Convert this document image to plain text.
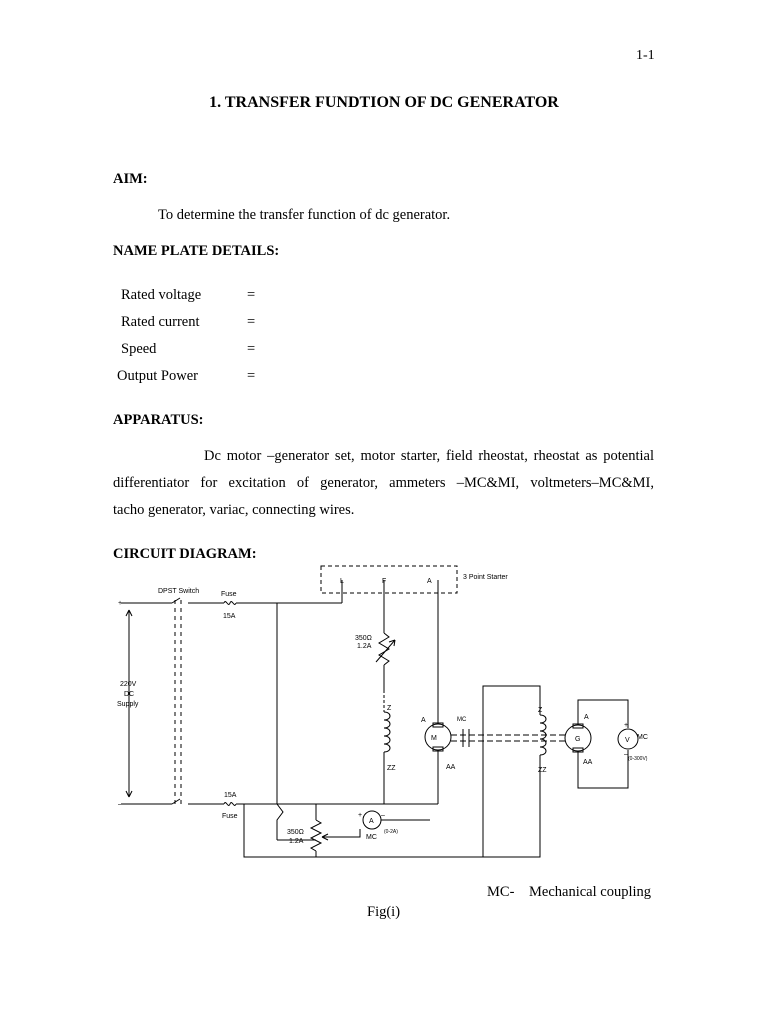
1-1
1. TRANSFER FUNDTION OF DC GENERATOR
AIM:
To determine the transfer function of dc generator.
NAME PLATE DETAILS:
Rated voltage	=
Rated current	=
Speed	=
Output Power	=
APPARATUS:
Dc motor –generator set, motor starter, field rheostat, rheostat as potential
differentiator for excitation of generator, ammeters –MC&MI, voltmeters–MC&MI,
tacho generator, variac, connecting wires.
CIRCUIT DIAGRAM:
DPST Switch	Fuse
15A
+
–
220V
DC
Supply
15A
Fuse
3 Point Starter
L	F	A
350Ω
1.2A
Z
ZZ
A
AA
M
MC
Z
ZZ
A
AA
G	V MC
(0-300V)
+
–
A
MC
(0-2A)
+	–
350Ω
1.2A
MC- Mechanical coupling
Fig(i)
